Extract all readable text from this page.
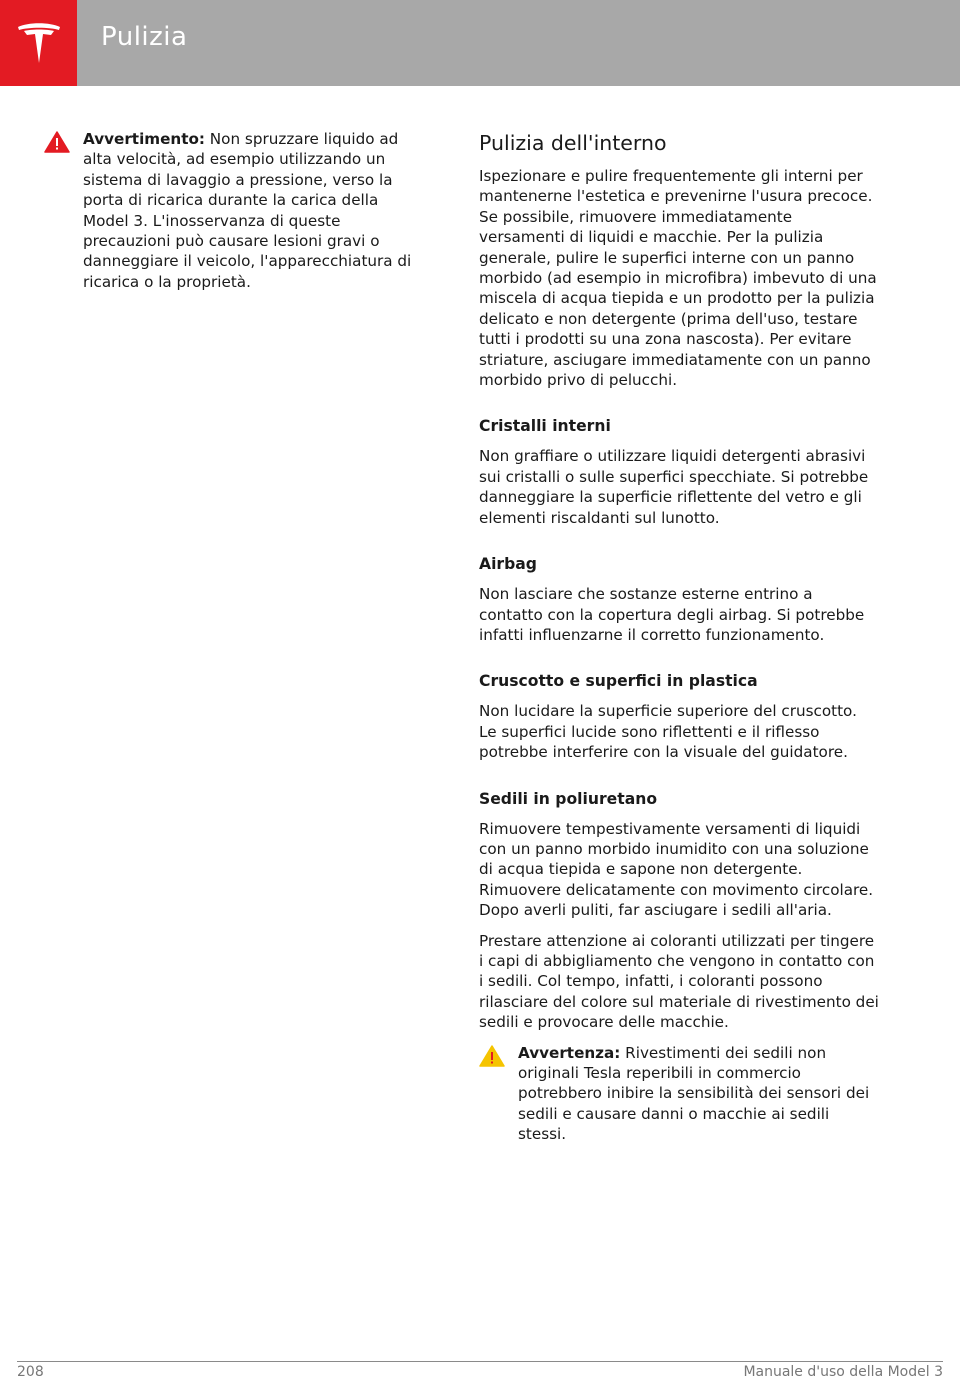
Pulizia

Avvertimento: Non spruzzare liquido ad alta velocità, ad esempio utilizzando un sistema di lavaggio a pressione, verso la porta di ricarica durante la carica della Model 3. L'inosservanza di queste precauzioni può causare lesioni gravi o danneggiare il veicolo, l'apparecchiatura di ricarica o la proprietà.

Pulizia dell'interno

Ispezionare e pulire frequentemente gli interni per mantenerne l'estetica e prevenirne l'usura precoce. Se possibile, rimuovere immediatamente versamenti di liquidi e macchie. Per la pulizia generale, pulire le superfici interne con un panno morbido (ad esempio in microfibra) imbevuto di una miscela di acqua tiepida e un prodotto per la pulizia delicato e non detergente (prima dell'uso, testare tutti i prodotti su una zona nascosta). Per evitare striature, asciugare immediatamente con un panno morbido privo di pelucchi.

Cristalli interni

Non graffiare o utilizzare liquidi detergenti abrasivi sui cristalli o sulle superfici specchiate. Si potrebbe danneggiare la superficie riflettente del vetro e gli elementi riscaldanti sul lunotto.

Airbag

Non lasciare che sostanze esterne entrino a contatto con la copertura degli airbag. Si potrebbe infatti influenzarne il corretto funzionamento.

Cruscotto e superfici in plastica

Non lucidare la superficie superiore del cruscotto. Le superfici lucide sono riflettenti e il riflesso potrebbe interferire con la visuale del guidatore.

Sedili in poliuretano

Rimuovere tempestivamente versamenti di liquidi con un panno morbido inumidito con una soluzione di acqua tiepida e sapone non detergente. Rimuovere delicatamente con movimento circolare. Dopo averli puliti, far asciugare i sedili all'aria.

Prestare attenzione ai coloranti utilizzati per tingere i capi di abbigliamento che vengono in contatto con i sedili. Col tempo, infatti, i coloranti possono rilasciare del colore sul materiale di rivestimento dei sedili e provocare delle macchie.

Avvertenza: Rivestimenti dei sedili non originali Tesla reperibili in commercio potrebbero inibire la sensibilità dei sensori dei sedili e causare danni o macchie ai sedili stessi.

208	Manuale d'uso della Model 3
